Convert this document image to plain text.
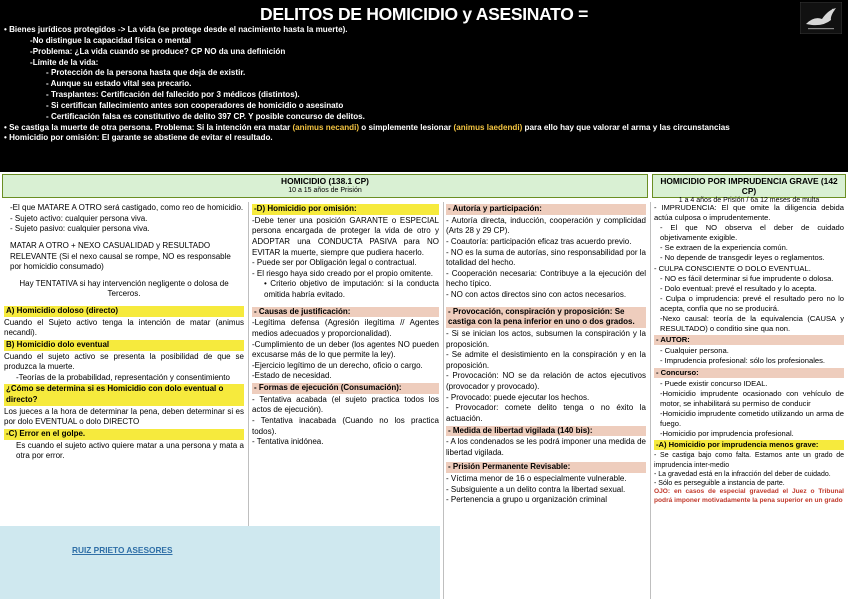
DELITOS DE HOMICIDIO y ASESINATO =
• Bienes jurídicos protegidos -> La vida (se protege desde el nacimiento hasta la muerte).
-No distingue la capacidad física o mental
-Problema: ¿La vida cuando se produce? CP NO da una definición
-Límite de la vida:
- Protección de la persona hasta que deja de existir.
- Aunque su estado vital sea precario.
- Trasplantes: Certificación del fallecido por 3 médicos (distintos).
- Si certifican fallecimiento antes son cooperadores de homicidio o asesinato
- Certificación falsa es constitutivo de delito 397 CP. Y posible concurso de delitos.
• Se castiga la muerte de otra persona. Problema: Si la intención era matar (animus necandi) o simplemente lesionar (animus laedendi) para ello hay que valorar el arma y las circunstancias
• Homicidio por omisión: El garante se abstiene de evitar el resultado.
HOMICIDIO (138.1 CP)
10 a 15 años de Prisión
HOMICIDIO POR IMPRUDENCIA GRAVE (142 CP)
1 a 4 años de Prisión / 6a 12 meses de multa
RUIZ PRIETO ASESORES

-El que MATARE A OTRO será castigado, como reo de homicidio.

- Sujeto activo: cualquier persona viva.

- Sujeto pasivo: cualquier persona viva.

MATAR A OTRO + NEXO CASUALIDAD y RESULTADO RELEVANTE (Si el nexo causal se rompe, NO es responsable por homicidio consumado)

Hay TENTATIVA si hay intervención negligente o dolosa de Terceros.

A) Homicidio doloso (directo)

Cuando el Sujeto activo tenga la intención de matar (animus necandi).

B) Homicidio dolo eventual

Cuando el sujeto activo se presenta la posibilidad de que se produzca la muerte.

-Teorías de la probabilidad, representación y consentimiento

¿Cómo se determina si es Homicidio con dolo eventual o directo?

Los jueces a la hora de determinar la pena, deben determinar si es por dolo EVENTUAL o dolo DIRECTO

-C) Error en el golpe.

Es cuando el sujeto activo quiere matar a una persona y mata a otra por error.

-D) Homicidio por omisión:

-Debe tener una posición GARANTE o ESPECIAL persona encargada de proteger la vida de otro y ADOPTAR una CONDUCTA PASIVA para NO EVITAR la muerte, siempre que pudiera hacerlo.

- Puede ser por Obligación legal o contractual.

- El riesgo haya sido creado por el propio omitente.

• Criterio objetivo de imputación: si la conducta omitida habría evitado.

- Causas de justificación:

-Legítima defensa (Agresión ilegítima // Agentes medios adecuados y proporcionalidad).

-Cumplimiento de un deber (los agentes NO pueden excusarse más de lo que permite la ley).

-Ejercicio legítimo de un derecho, oficio o cargo.

-Estado de necesidad.

- Formas de ejecución (Consumación):

- Tentativa acabada (el sujeto practica todos los actos de ejecución).

- Tentativa inacabada (Cuando no los practica todos).

- Tentativa inidónea.

- Autoría y participación:

- Autoría directa, inducción, cooperación y complicidad (Arts 28 y 29 CP).

- Coautoría: participación eficaz tras acuerdo previo.

- NO es la suma de autorías, sino responsabilidad por la totalidad del hecho.

- Cooperación necesaria: Contribuye a la ejecución del hecho típico.

- NO con actos directos sino con actos necesarios.

- Provocación, conspiración y proposición: Se castiga con la pena inferior en uno o dos grados.

- Si se inician los actos, subsumen la conspiración y la proposición.

- Se admite el desistimiento en la conspiración y en la proposición.

- Provocación: NO se da relación de actos ejecutivos (provocador y provocado).

- Provocado: puede ejecutar los hechos.

- Provocador: comete delito tenga o no éxito la actuación.

- Medida de libertad vigilada (140 bis):

- A los condenados se les podrá imponer una medida de libertad vigilada.

- Prisión Permanente Revisable:

- Víctima menor de 16 o especialmente vulnerable.

- Subsiguiente a un delito contra la libertad sexual.

- Pertenencia a grupo u organización criminal

- IMPRUDENCIA: El que omite la diligencia debida actúa culposa o imprudentemente.

- El que NO observa el deber de cuidado objetivamente exigible.

- Se extraen de la experiencia común.

- No depende de transgedir leyes o reglamentos.

- CULPA CONSCIENTE O DOLO EVENTUAL.

- NO es fácil determinar si fue imprudente o dolosa.

- Dolo eventual: prevé el resultado y lo acepta.

- Culpa o imprudencia: prevé el resultado pero no lo acepta, confía que no se producirá.

-Nexo causal: teoría de la equivalencia (CAUSA y RESULTADO) o conditio sine qua non.

- AUTOR:

- Cualquier persona.

- Imprudencia profesional: sólo los profesionales.

- Concurso:

- Puede existir concurso IDEAL.

-Homicidio imprudente ocasionado con vehículo de motor, se inhabilitará su permiso de conducir

-Homicidio imprudente cometido utilizando un arma de fuego.

-Homicidio por imprudencia profesional.

-A) Homicidio por imprudencia menos grave:

- Se castiga bajo como falta. Estamos ante un grado de imprudencia inter-medio

- La gravedad está en la infracción del deber de cuidado.

- Sólo es perseguible a instancia de parte.

OJO: en casos de especial gravedad el Juez o Tribunal podrá imponer motivadamente la pena superior en un grado
